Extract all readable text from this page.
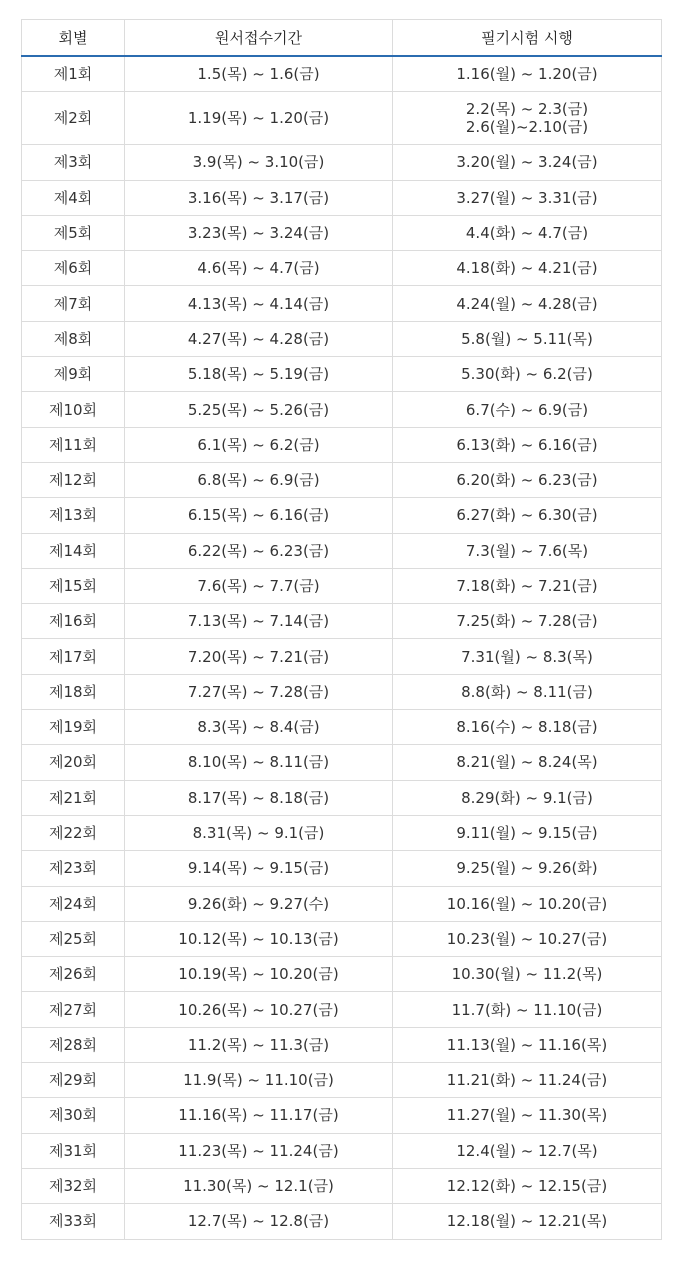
회별	원서접수기간	필기시험 시행
제1회	1.5(목) ~ 1.6(금)	1.16(월) ~ 1.20(금)

제2회	1.19(목) ~ 1.20(금)	2.2(목) ~ 2.3(금)
2.6(월)~2.10(금)

제3회	3.9(목) ~ 3.10(금)	3.20(월) ~ 3.24(금)

제4회	3.16(목) ~ 3.17(금)	3.27(월) ~ 3.31(금)

제5회	3.23(목) ~ 3.24(금)	4.4(화) ~ 4.7(금)

제6회	4.6(목) ~ 4.7(금)	4.18(화) ~ 4.21(금)

제7회	4.13(목) ~ 4.14(금)	4.24(월) ~ 4.28(금)

제8회	4.27(목) ~ 4.28(금)	5.8(월) ~ 5.11(목)

제9회	5.18(목) ~ 5.19(금)	5.30(화) ~ 6.2(금)

제10회	5.25(목) ~ 5.26(금)	6.7(수) ~ 6.9(금)

제11회	6.1(목) ~ 6.2(금)	6.13(화) ~ 6.16(금)

제12회	6.8(목) ~ 6.9(금)	6.20(화) ~ 6.23(금)

제13회	6.15(목) ~ 6.16(금)	6.27(화) ~ 6.30(금)

제14회	6.22(목) ~ 6.23(금)	7.3(월) ~ 7.6(목)

제15회	7.6(목) ~ 7.7(금)	7.18(화) ~ 7.21(금)

제16회	7.13(목) ~ 7.14(금)	7.25(화) ~ 7.28(금)

제17회	7.20(목) ~ 7.21(금)	7.31(월) ~ 8.3(목)

제18회	7.27(목) ~ 7.28(금)	8.8(화) ~ 8.11(금)

제19회	8.3(목) ~ 8.4(금)	8.16(수) ~ 8.18(금)

제20회	8.10(목) ~ 8.11(금)	8.21(월) ~ 8.24(목)

제21회	8.17(목) ~ 8.18(금)	8.29(화) ~ 9.1(금)

제22회	8.31(목) ~ 9.1(금)	9.11(월) ~ 9.15(금)

제23회	9.14(목) ~ 9.15(금)	9.25(월) ~ 9.26(화)

제24회	9.26(화) ~ 9.27(수)	10.16(월) ~ 10.20(금)

제25회	10.12(목) ~ 10.13(금)	10.23(월) ~ 10.27(금)

제26회	10.19(목) ~ 10.20(금)	10.30(월) ~ 11.2(목)

제27회	10.26(목) ~ 10.27(금)	11.7(화) ~ 11.10(금)

제28회	11.2(목) ~ 11.3(금)	11.13(월) ~ 11.16(목)

제29회	11.9(목) ~ 11.10(금)	11.21(화) ~ 11.24(금)

제30회	11.16(목) ~ 11.17(금)	11.27(월) ~ 11.30(목)

제31회	11.23(목) ~ 11.24(금)	12.4(월) ~ 12.7(목)

제32회	11.30(목) ~ 12.1(금)	12.12(화) ~ 12.15(금)

제33회	12.7(목) ~ 12.8(금)	12.18(월) ~ 12.21(목)
